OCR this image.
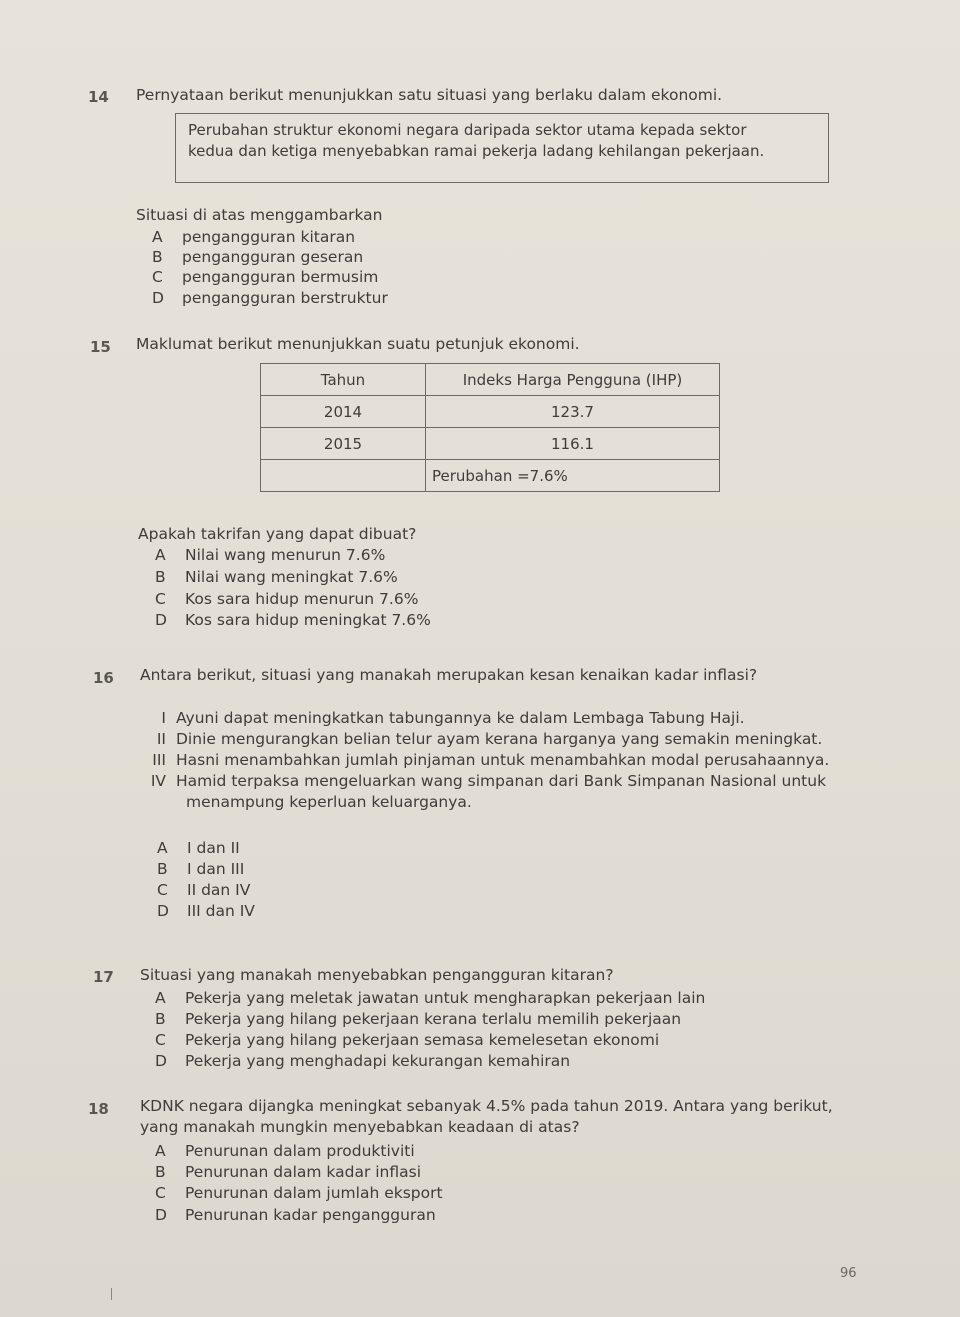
14 Pernyataan berikut menunjukkan satu situasi yang berlaku dalam ekonomi.
Perubahan struktur ekonomi negara daripada sektor utama kepada sektor
kedua dan ketiga menyebabkan ramai pekerja ladang kehilangan pekerjaan.
Situasi di atas menggambarkan
A pengangguran kitaran
B pengangguran geseran
C pengangguran bermusim
D pengangguran berstruktur
15 Maklumat berikut menunjukkan suatu petunjuk ekonomi.
Tahun	Indeks Harga Pengguna (IHP)
2014	123.7
2015	116.1
	Perubahan =7.6%
Apakah takrifan yang dapat dibuat?
A Nilai wang menurun 7.6%
B Nilai wang meningkat 7.6%
C Kos sara hidup menurun 7.6%
D Kos sara hidup meningkat 7.6%
16 Antara berikut, situasi yang manakah merupakan kesan kenaikan kadar inflasi?
I Ayuni dapat meningkatkan tabungannya ke dalam Lembaga Tabung Haji.
II Dinie mengurangkan belian telur ayam kerana harganya yang semakin meningkat.
III Hasni menambahkan jumlah pinjaman untuk menambahkan modal perusahaannya.
IV Hamid terpaksa mengeluarkan wang simpanan dari Bank Simpanan Nasional untuk
menampung keperluan keluarganya.
A I dan II
B I dan III
C II dan IV
D III dan IV
17 Situasi yang manakah menyebabkan pengangguran kitaran?
A Pekerja yang meletak jawatan untuk mengharapkan pekerjaan lain
B Pekerja yang hilang pekerjaan kerana terlalu memilih pekerjaan
C Pekerja yang hilang pekerjaan semasa kemelesetan ekonomi
D Pekerja yang menghadapi kekurangan kemahiran
18 KDNK negara dijangka meningkat sebanyak 4.5% pada tahun 2019. Antara yang berikut,
yang manakah mungkin menyebabkan keadaan di atas?
A Penurunan dalam produktiviti
B Penurunan dalam kadar inflasi
C Penurunan dalam jumlah eksport
D Penurunan kadar pengangguran
96
